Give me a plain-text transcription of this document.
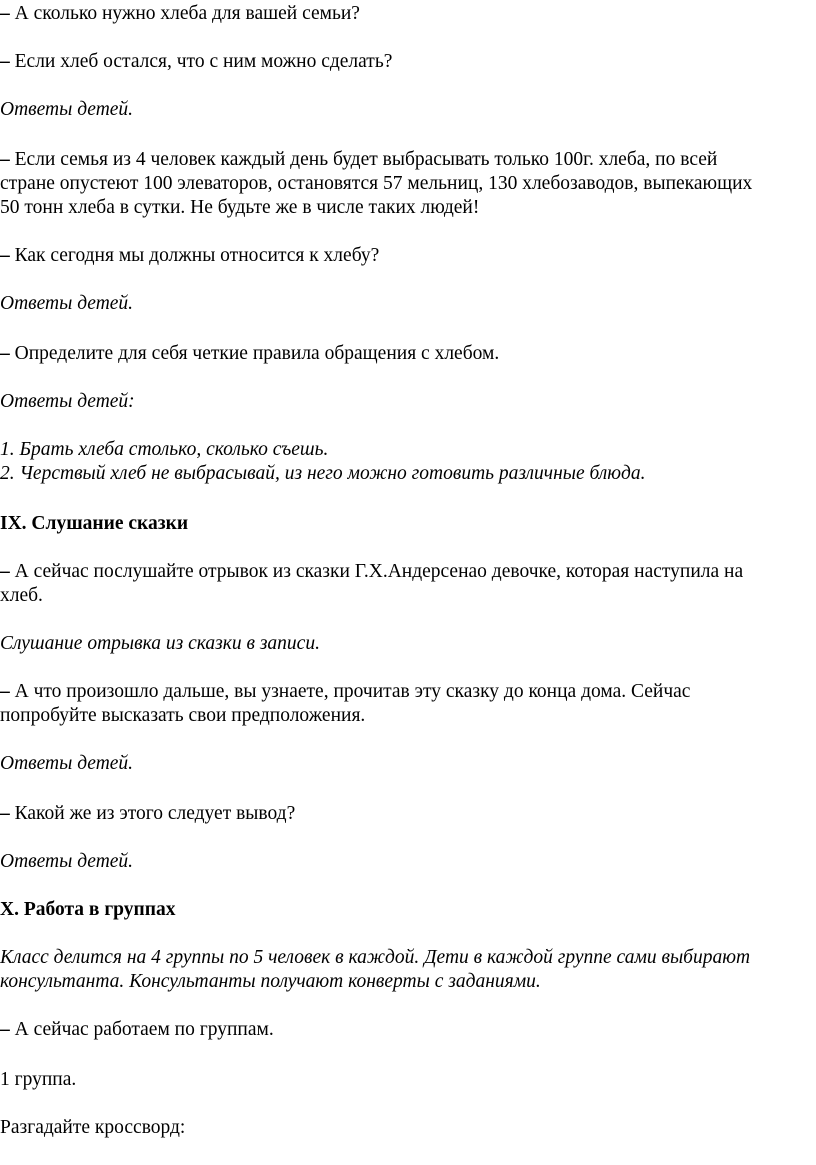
– А сколько нужно хлеба для вашей семьи?
– Если хлеб остался, что с ним можно сделать?
Ответы детей.
– Если семья из 4 человек каждый день будет выбрасывать только 100г. хлеба, по всей
стране опустеют 100 элеваторов, остановятся 57 мельниц, 130 хлебозаводов, выпекающих
50 тонн хлеба в сутки. Не будьте же в числе таких людей!
– Как сегодня мы должны относится к хлебу?
Ответы детей.
– Определите для себя четкие правила обращения с хлебом.
Ответы детей:
1. Брать хлеба столько, сколько съешь.
2. Черствый хлеб не выбрасывай, из него можно готовить различные блюда.
IX. Слушание сказки
– А сейчас послушайте отрывок из сказки Г.Х.Андерсенао девочке, которая наступила на
хлеб.
Слушание отрывка из сказки в записи.
– А что произошло дальше, вы узнаете, прочитав эту сказку до конца дома. Сейчас
попробуйте высказать свои предположения.
Ответы детей.
– Какой же из этого следует вывод?
Ответы детей.
X. Работа в группах
Класс делится на 4 группы по 5 человек в каждой. Дети в каждой группе сами выбирают
консультанта. Консультанты получают конверты с заданиями.
– А сейчас работаем по группам.
1 группа.
Разгадайте кроссворд:
